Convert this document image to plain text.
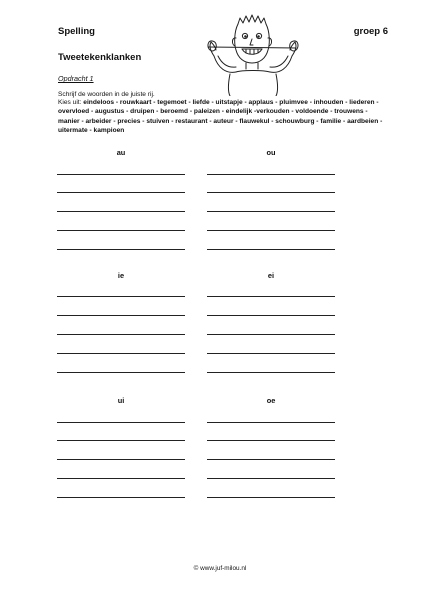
Spelling	groep 6
Tweetekenklanken
Opdracht 1
Schrijf de woorden in de juiste rij.
Kies uit: eindeloos - rouwkaart - tegemoet - liefde - uitstapje - applaus - pluimvee - inhouden - liederen - overvloed - augustus - druipen - beroemd - paleizen - eindelijk -verkouden - voldoende - trouwens - manier - arbeider - precies - stuiven - restaurant - auteur - flauwekul - schouwburg - familie - aardbeien - uitermate - kampioen
au	ou
ie	ei
ui	oe
© www.juf-milou.nl
